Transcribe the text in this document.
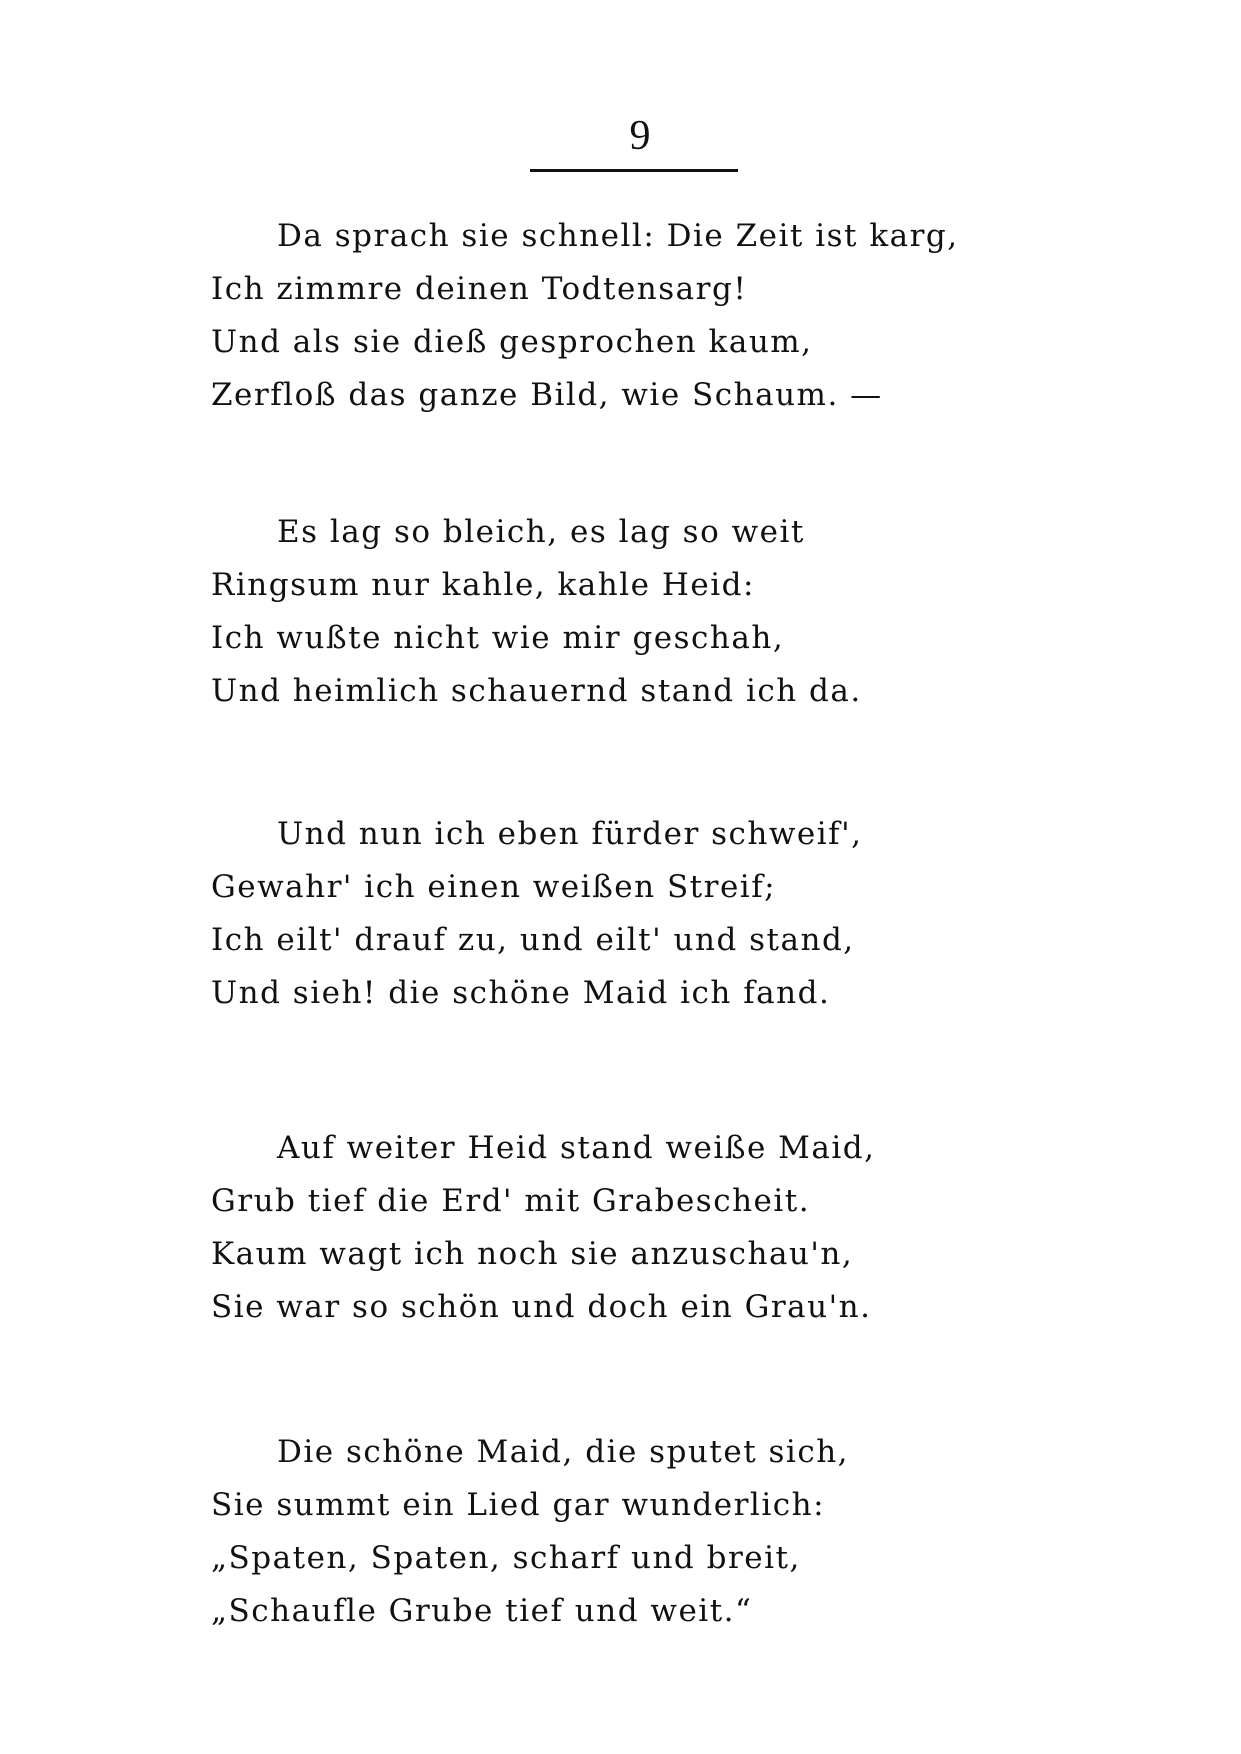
9
Da sprach sie schnell: Die Zeit ist karg,
Ich zimmre deinen Todtensarg!
Und als sie dieß gesprochen kaum,
Zerfloß das ganze Bild, wie Schaum. —
Es lag so bleich, es lag so weit
Ringsum nur kahle, kahle Heid:
Ich wußte nicht wie mir geschah,
Und heimlich schauernd stand ich da.
Und nun ich eben fürder schweif',
Gewahr' ich einen weißen Streif;
Ich eilt' drauf zu, und eilt' und stand,
Und sieh! die schöne Maid ich fand.
Auf weiter Heid stand weiße Maid,
Grub tief die Erd' mit Grabescheit.
Kaum wagt ich noch sie anzuschau'n,
Sie war so schön und doch ein Grau'n.
Die schöne Maid, die sputet sich,
Sie summt ein Lied gar wunderlich:
„Spaten, Spaten, scharf und breit,
„Schaufle Grube tief und weit.“
